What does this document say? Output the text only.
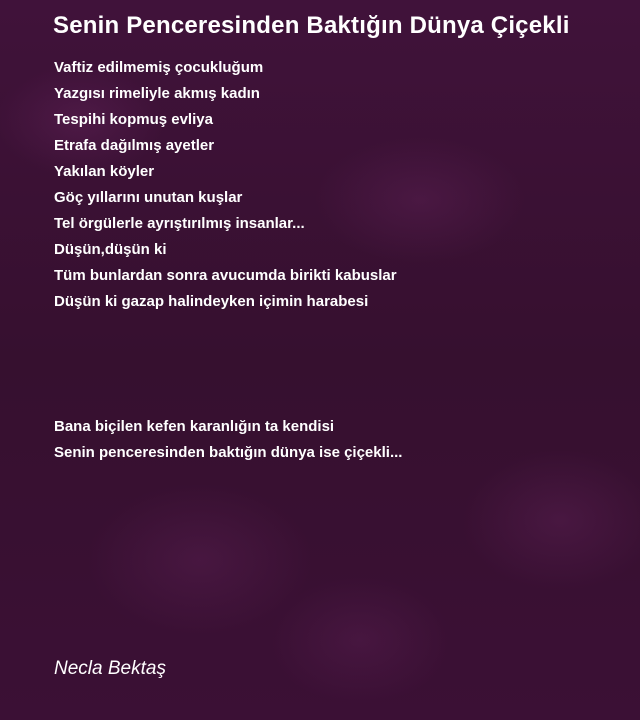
Senin Penceresinden Baktığın Dünya Çiçekli
Vaftiz edilmemiş çocukluğum
Yazgısı rimeliyle akmış kadın
Tespihi kopmuş evliya
Etrafa dağılmış ayetler
Yakılan köyler
Göç yıllarını unutan kuşlar
Tel örgülerle ayrıştırılmış insanlar...
Düşün,düşün ki
Tüm bunlardan sonra avucumda birikti kabuslar
Düşün ki gazap halindeyken içimin harabesi
Bana biçilen kefen karanlığın ta kendisi
Senin penceresinden baktığın dünya ise çiçekli...
Necla Bektaş
